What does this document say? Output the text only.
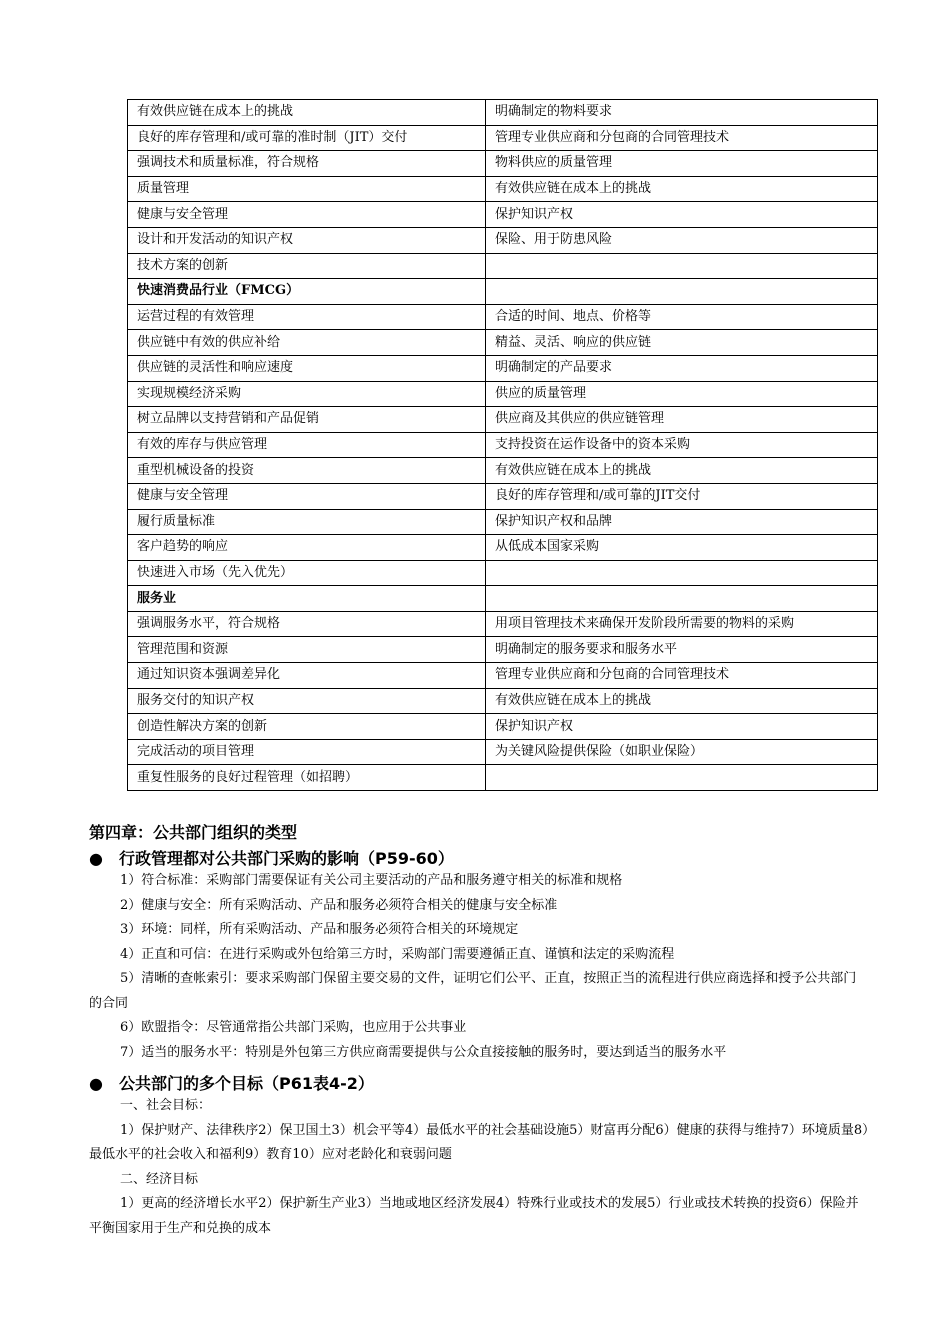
有效供应链在成本上的挑战	明确制定的物料要求
良好的库存管理和/或可靠的准时制（JIT）交付	管理专业供应商和分包商的合同管理技术
强调技术和质量标准，符合规格	物料供应的质量管理
质量管理	有效供应链在成本上的挑战
健康与安全管理	保护知识产权
设计和开发活动的知识产权	保险、用于防患风险
技术方案的创新	
快速消费品行业（FMCG）	
运营过程的有效管理	合适的时间、地点、价格等
供应链中有效的供应补给	精益、灵活、响应的供应链
供应链的灵活性和响应速度	明确制定的产品要求
实现规模经济采购	供应的质量管理
树立品牌以支持营销和产品促销	供应商及其供应的供应链管理
有效的库存与供应管理	支持投资在运作设备中的资本采购
重型机械设备的投资	有效供应链在成本上的挑战
健康与安全管理	良好的库存管理和/或可靠的JIT交付
履行质量标准	保护知识产权和品牌
客户趋势的响应	从低成本国家采购
快速进入市场（先入优先）	
服务业	
强调服务水平，符合规格	用项目管理技术来确保开发阶段所需要的物料的采购
管理范围和资源	明确制定的服务要求和服务水平
通过知识资本强调差异化	管理专业供应商和分包商的合同管理技术
服务交付的知识产权	有效供应链在成本上的挑战
创造性解决方案的创新	保护知识产权
完成活动的项目管理	为关键风险提供保险（如职业保险）
重复性服务的良好过程管理（如招聘）	
第四章：公共部门组织的类型
● 行政管理都对公共部门采购的影响（P59-60）

1）符合标准：采购部门需要保证有关公司主要活动的产品和服务遵守相关的标准和规格

2）健康与安全：所有采购活动、产品和服务必须符合相关的健康与安全标准

3）环境：同样，所有采购活动、产品和服务必须符合相关的环境规定

4）正直和可信：在进行采购或外包给第三方时，采购部门需要遵循正直、谨慎和法定的采购流程

5）清晰的查帐索引：要求采购部门保留主要交易的文件，证明它们公平、正直，按照正当的流程进行供应商选择和授予公共部门的合同

6）欧盟指令：尽管通常指公共部门采购，也应用于公共事业

7）适当的服务水平：特别是外包第三方供应商需要提供与公众直接接触的服务时，要达到适当的服务水平

● 公共部门的多个目标（P61表4-2）

一、社会目标：

1）保护财产、法律秩序2）保卫国土3）机会平等4）最低水平的社会基础设施5）财富再分配6）健康的获得与维持7）环境质量8）最低水平的社会收入和福利9）教育10）应对老龄化和衰弱问题

二、经济目标

1）更高的经济增长水平2）保护新生产业3）当地或地区经济发展4）特殊行业或技术的发展5）行业或技术转换的投资6）保险并平衡国家用于生产和兑换的成本
